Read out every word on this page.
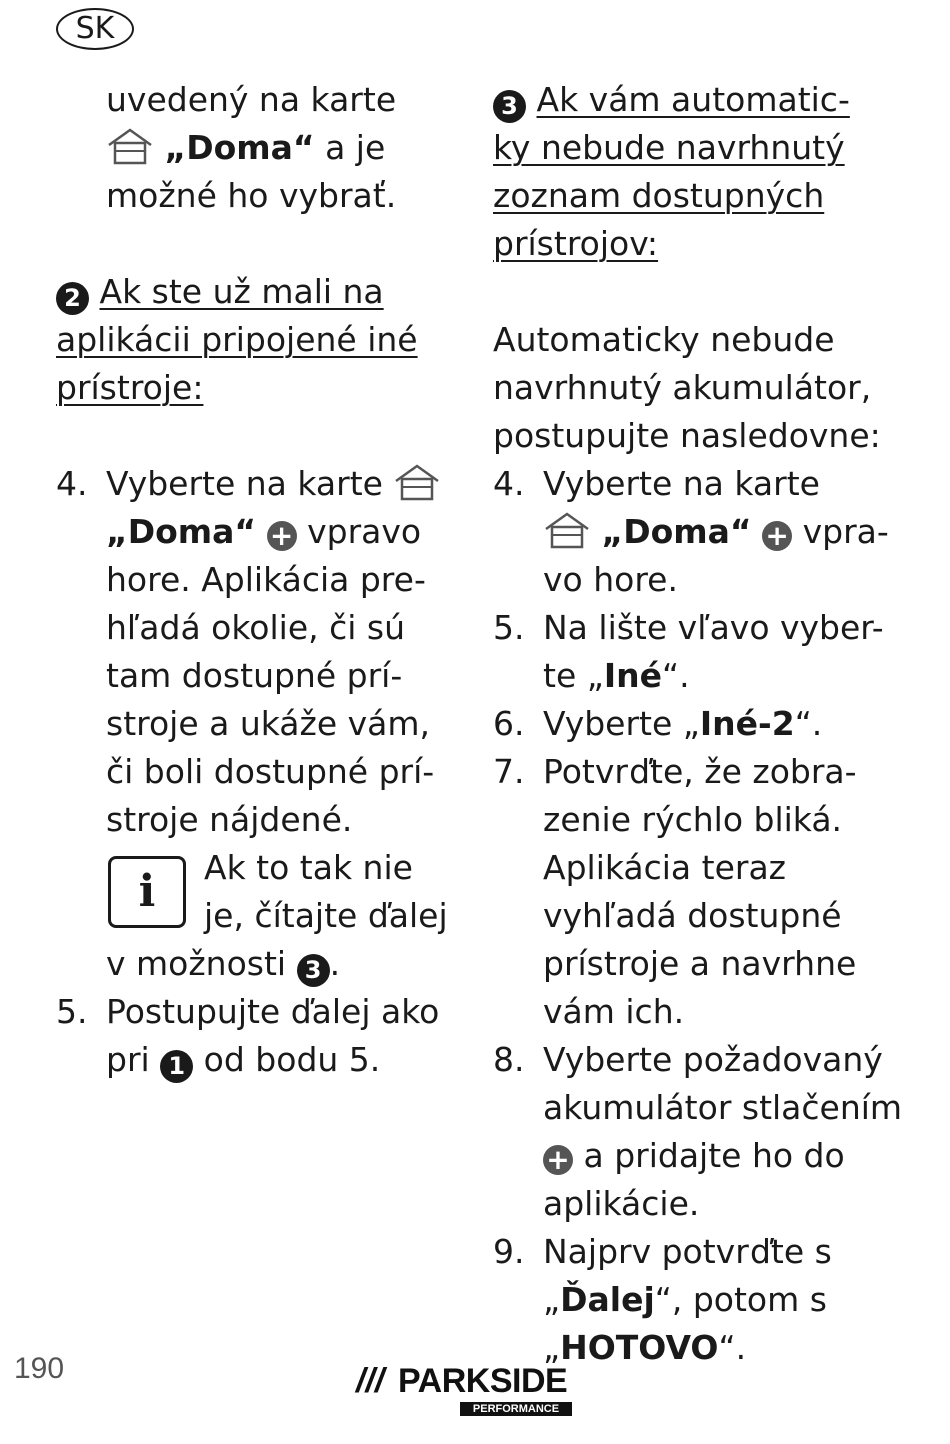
SK
uvedený na karte
„Doma“ a je
možné ho vybrať.
2 Ak ste už mali na
aplikácii pripojené iné
prístroje:
4. Vyberte na karte
„Doma“ + vpravo
hore. Aplikácia pre-
hľadá okolie, či sú
tam dostupné prí-
stroje a ukáže vám,
či boli dostupné prí-
stroje nájdené.
Ak to tak nie
je, čítajte ďalej
v možnosti 3 .
5. Postupujte ďalej ako
pri 1 od bodu 5.
i
3 Ak vám automatic-
ky nebude navrhnutý
zoznam dostupných
prístrojov:
Automaticky nebude
navrhnutý akumulátor,
postupujte nasledovne:
4. Vyberte na karte
„Doma“ + vpra-
vo hore.
5. Na lište vľavo vyber-
te „Iné“.
6. Vyberte „Iné-2“.
7. Potvrďte, že zobra-
zenie rýchlo bliká.
Aplikácia teraz
vyhľadá dostupné
prístroje a navrhne
vám ich.
8. Vyberte požadovaný
akumulátor stlačením
+ a pridajte ho do
aplikácie.
9. Najprv potvrďte s
„Ďalej“, potom s
„HOTOVO“.
190	/// PARKSIDE
PERFORMANCE
